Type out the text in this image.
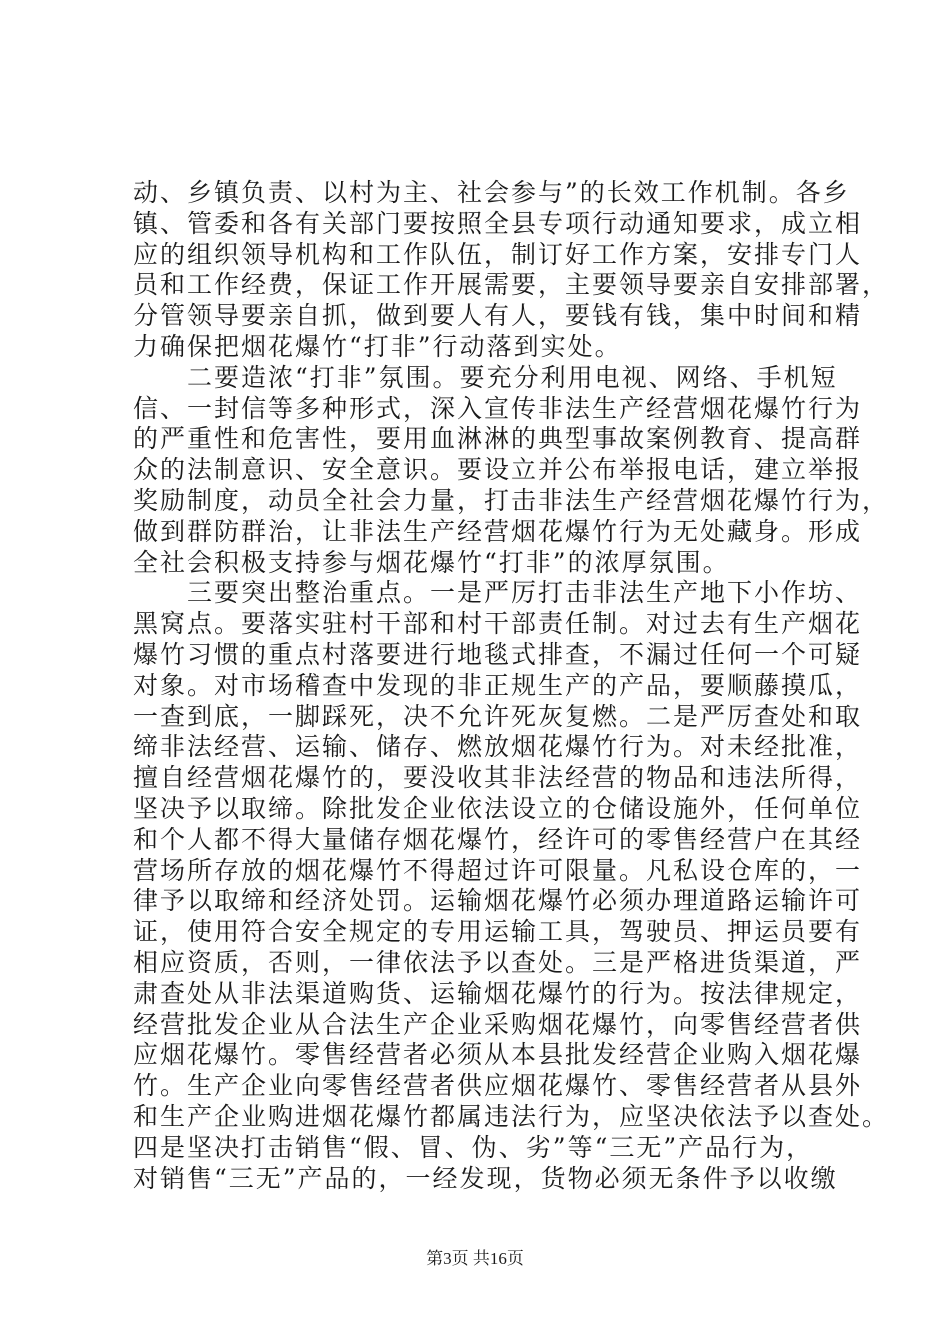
动、乡镇负责、以村为主、社会参与”的长效工作机制。各乡
镇、管委和各有关部门要按照全县专项行动通知要求，成立相
应的组织领导机构和工作队伍，制订好工作方案，安排专门人
员和工作经费，保证工作开展需要，主要领导要亲自安排部署，
分管领导要亲自抓，做到要人有人，要钱有钱，集中时间和精
力确保把烟花爆竹“打非”行动落到实处。
　　二要造浓“打非”氛围。要充分利用电视、网络、手机短
信、一封信等多种形式，深入宣传非法生产经营烟花爆竹行为
的严重性和危害性，要用血淋淋的典型事故案例教育、提高群
众的法制意识、安全意识。要设立并公布举报电话，建立举报
奖励制度，动员全社会力量，打击非法生产经营烟花爆竹行为，
做到群防群治，让非法生产经营烟花爆竹行为无处藏身。形成
全社会积极支持参与烟花爆竹“打非”的浓厚氛围。
　　三要突出整治重点。一是严厉打击非法生产地下小作坊、
黑窝点。要落实驻村干部和村干部责任制。对过去有生产烟花
爆竹习惯的重点村落要进行地毯式排查，不漏过任何一个可疑
对象。对市场稽查中发现的非正规生产的产品，要顺藤摸瓜，
一查到底，一脚踩死，决不允许死灰复燃。二是严厉查处和取
缔非法经营、运输、储存、燃放烟花爆竹行为。对未经批准，
擅自经营烟花爆竹的，要没收其非法经营的物品和违法所得，
坚决予以取缔。除批发企业依法设立的仓储设施外，任何单位
和个人都不得大量储存烟花爆竹，经许可的零售经营户在其经
营场所存放的烟花爆竹不得超过许可限量。凡私设仓库的，一
律予以取缔和经济处罚。运输烟花爆竹必须办理道路运输许可
证，使用符合安全规定的专用运输工具，驾驶员、押运员要有
相应资质，否则，一律依法予以查处。三是严格进货渠道，严
肃查处从非法渠道购货、运输烟花爆竹的行为。按法律规定，
经营批发企业从合法生产企业采购烟花爆竹，向零售经营者供
应烟花爆竹。零售经营者必须从本县批发经营企业购入烟花爆
竹。生产企业向零售经营者供应烟花爆竹、零售经营者从县外
和生产企业购进烟花爆竹都属违法行为，应坚决依法予以查处。
四是坚决打击销售“假、冒、伪、劣”等“三无”产品行为，
对销售“三无”产品的，一经发现，货物必须无条件予以收缴
第3页 共16页
